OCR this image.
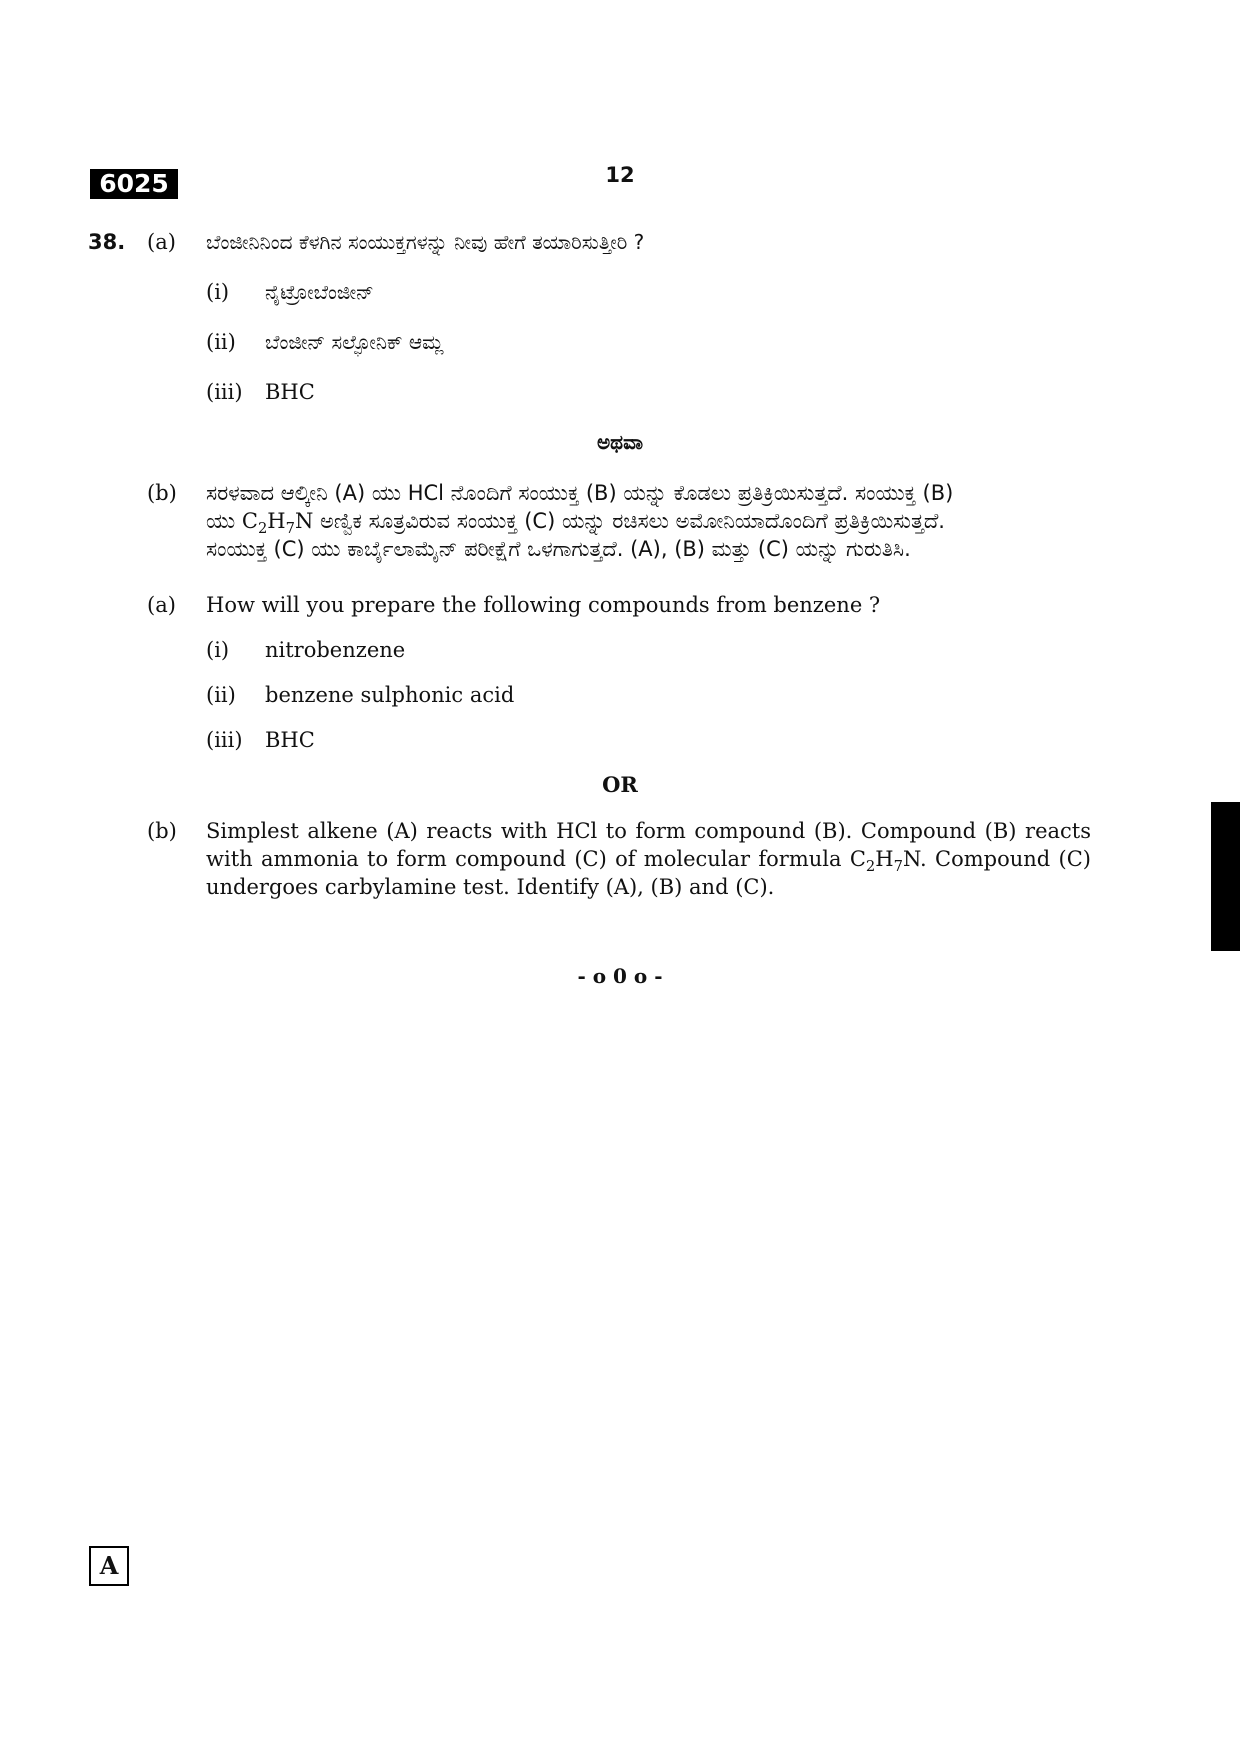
6025	12
38. (a) ಬೆಂಜೀನಿನಿಂದ ಕೆಳಗಿನ ಸಂಯುಕ್ತಗಳನ್ನು ನೀವು ಹೇಗೆ ತಯಾರಿಸುತ್ತೀರಿ ?
(i) ನೈಟ್ರೋಬೆಂಜೀನ್
(ii) ಬೆಂಜೀನ್ ಸಲ್ಫೋನಿಕ್ ಆಮ್ಲ
(iii) BHC
ಅಥವಾ
(b) ಸರಳವಾದ ಆಲ್ಕೀನಿ (A) ಯು HCl ನೊಂದಿಗೆ ಸಂಯುಕ್ತ (B) ಯನ್ನು ಕೊಡಲು ಪ್ರತಿಕ್ರಿಯಿಸುತ್ತದೆ. ಸಂಯುಕ್ತ (B)
ಯು $C_2H_7N$ ಅಣ್ವಿಕ ಸೂತ್ರವಿರುವ ಸಂಯುಕ್ತ (C) ಯನ್ನು ರಚಿಸಲು ಅಮೋನಿಯಾದೊಂದಿಗೆ ಪ್ರತಿಕ್ರಿಯಿಸುತ್ತದೆ.
ಸಂಯುಕ್ತ (C) ಯು ಕಾರ್ಬೈಲಾಮೈನ್ ಪರೀಕ್ಷೆಗೆ ಒಳಗಾಗುತ್ತದೆ. (A), (B) ಮತ್ತು (C) ಯನ್ನು ಗುರುತಿಸಿ.
(a) How will you prepare the following compounds from benzene ?
(i) nitrobenzene
(ii) benzene sulphonic acid
(iii) BHC
OR
(b) Simplest alkene (A) reacts with HCl to form compound (B). Compound (B) reacts with ammonia to form compound (C) of molecular formula $C_2H_7N$. Compound (C) undergoes carbylamine test. Identify (A), (B) and (C).
- o 0 o -
A
